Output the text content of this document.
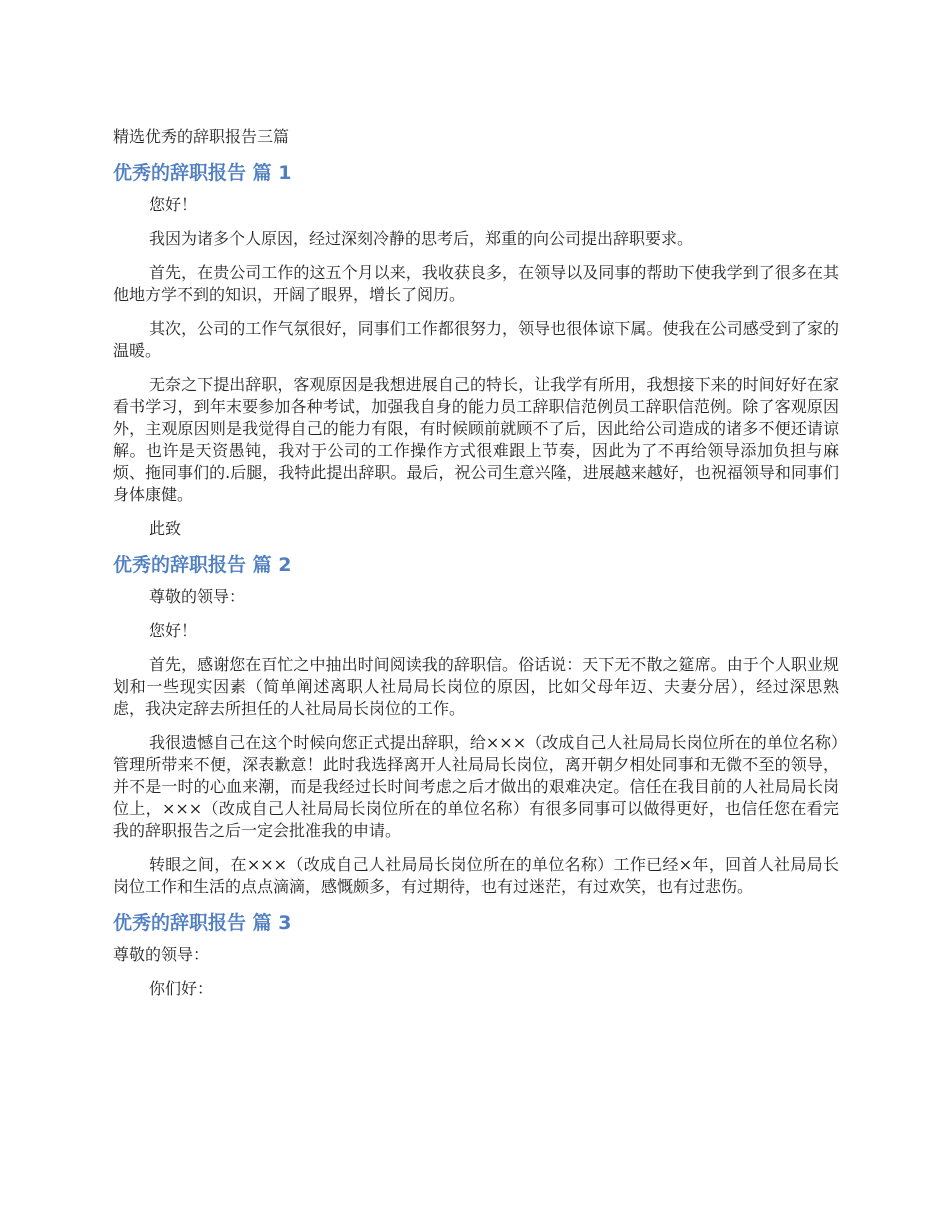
精选优秀的辞职报告三篇

优秀的辞职报告 篇 1

您好！

我因为诸多个人原因，经过深刻冷静的思考后，郑重的向公司提出辞职要求。

首先，在贵公司工作的这五个月以来，我收获良多，在领导以及同事的帮助下使我学到了很多在其他地方学不到的知识，开阔了眼界，增长了阅历。

其次，公司的工作气氛很好，同事们工作都很努力，领导也很体谅下属。使我在公司感受到了家的温暖。

无奈之下提出辞职，客观原因是我想进展自己的特长，让我学有所用，我想接下来的时间好好在家看书学习，到年末要参加各种考试，加强我自身的能力员工辞职信范例员工辞职信范例。除了客观原因外，主观原因则是我觉得自己的能力有限，有时候顾前就顾不了后，因此给公司造成的诸多不便还请谅解。也许是天资愚钝，我对于公司的工作操作方式很难跟上节奏，因此为了不再给领导添加负担与麻烦、拖同事们的.后腿，我特此提出辞职。最后，祝公司生意兴隆，进展越来越好，也祝福领导和同事们身体康健。

此致

优秀的辞职报告 篇 2

尊敬的领导：

您好！

首先，感谢您在百忙之中抽出时间阅读我的辞职信。俗话说：天下无不散之筵席。由于个人职业规划和一些现实因素（简单阐述离职人社局局长岗位的原因，比如父母年迈、夫妻分居），经过深思熟虑，我决定辞去所担任的人社局局长岗位的工作。

我很遗憾自己在这个时候向您正式提出辞职，给×××（改成自己人社局局长岗位所在的单位名称）管理所带来不便，深表歉意！此时我选择离开人社局局长岗位，离开朝夕相处同事和无微不至的领导，并不是一时的心血来潮，而是我经过长时间考虑之后才做出的艰难决定。信任在我目前的人社局局长岗位上，×××（改成自己人社局局长岗位所在的单位名称）有很多同事可以做得更好，也信任您在看完我的辞职报告之后一定会批准我的申请。

转眼之间，在×××（改成自己人社局局长岗位所在的单位名称）工作已经×年，回首人社局局长岗位工作和生活的点点滴滴，感慨颇多，有过期待，也有过迷茫，有过欢笑，也有过悲伤。

优秀的辞职报告 篇 3

尊敬的领导：

你们好：
